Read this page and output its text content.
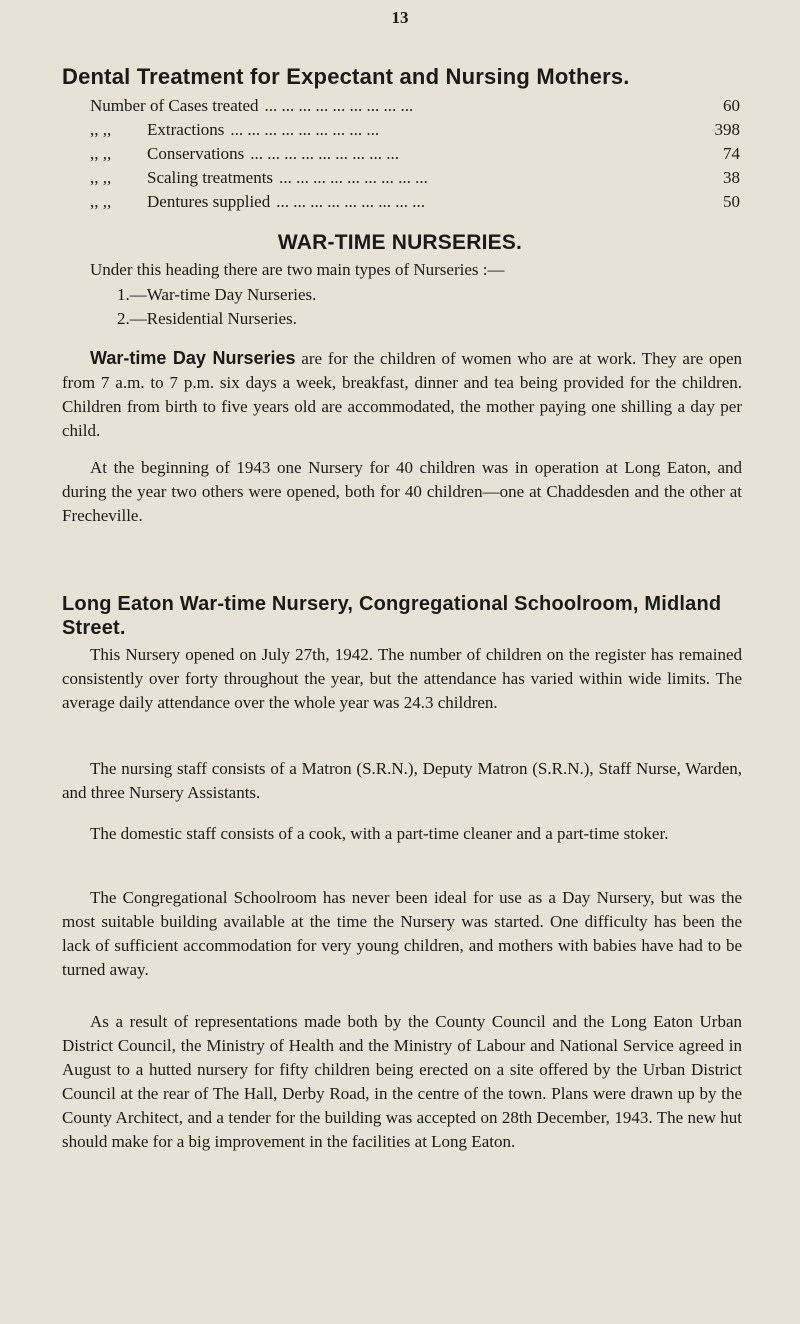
13
Dental Treatment for Expectant and Nursing Mothers.
Number of Cases treated ... ... ... ... ... ... ... ... ...	60
,, ,,	Extractions ... ... ... ... ... ... ... ... ...	398
,, ,,	Conservations ... ... ... ... ... ... ... ... ...	74
,, ,,	Scaling treatments ... ... ... ... ... ... ... ... ...	38
,, ,,	Dentures supplied ... ... ... ... ... ... ... ... ...	50
WAR-TIME NURSERIES.

Under this heading there are two main types of Nurseries :—

1.—War-time Day Nurseries.

2.—Residential Nurseries.

War-time Day Nurseries are for the children of women who are at work. They are open from 7 a.m. to 7 p.m. six days a week, breakfast, dinner and tea being provided for the children. Children from birth to five years old are accommodated, the mother paying one shilling a day per child.

At the beginning of 1943 one Nursery for 40 children was in operation at Long Eaton, and during the year two others were opened, both for 40 children—one at Chaddesden and the other at Frecheville.

Long Eaton War-time Nursery, Congregational Schoolroom, Midland Street.

This Nursery opened on July 27th, 1942. The number of children on the register has remained consistently over forty throughout the year, but the attendance has varied within wide limits. The average daily attendance over the whole year was 24.3 children.

The nursing staff consists of a Matron (S.R.N.), Deputy Matron (S.R.N.), Staff Nurse, Warden, and three Nursery Assistants.

The domestic staff consists of a cook, with a part-time cleaner and a part-time stoker.

The Congregational Schoolroom has never been ideal for use as a Day Nursery, but was the most suitable building available at the time the Nursery was started. One difficulty has been the lack of sufficient accommodation for very young children, and mothers with babies have had to be turned away.

As a result of representations made both by the County Council and the Long Eaton Urban District Council, the Ministry of Health and the Ministry of Labour and National Service agreed in August to a hutted nursery for fifty children being erected on a site offered by the Urban District Council at the rear of The Hall, Derby Road, in the centre of the town. Plans were drawn up by the County Architect, and a tender for the building was accepted on 28th December, 1943. The new hut should make for a big improvement in the facilities at Long Eaton.
